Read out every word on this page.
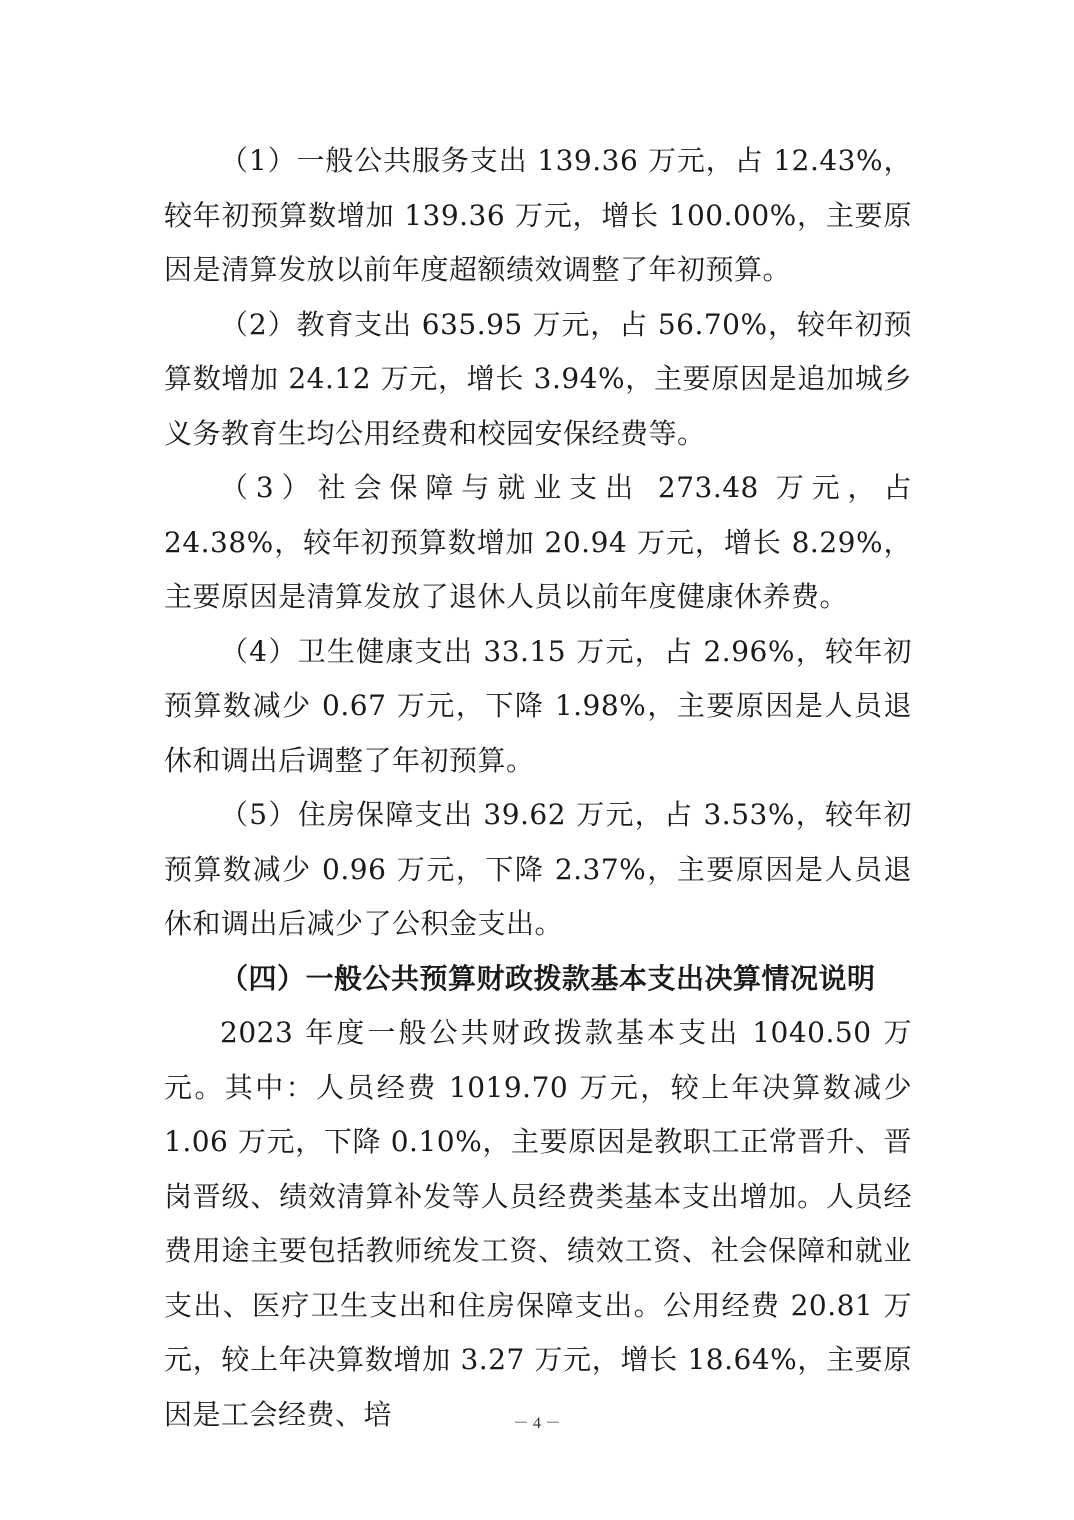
（1）一般公共服务支出 139.36 万元，占 12.43%，较年初预算数增加 139.36 万元，增长 100.00%，主要原因是清算发放以前年度超额绩效调整了年初预算。

（2）教育支出 635.95 万元，占 56.70%，较年初预算数增加 24.12 万元，增长 3.94%，主要原因是追加城乡义务教育生均公用经费和校园安保经费等。

（3）社会保障与就业支出 273.48 万元，占 24.38%，较年初预算数增加 20.94 万元，增长 8.29%，主要原因是清算发放了退休人员以前年度健康休养费。

（4）卫生健康支出 33.15 万元，占 2.96%，较年初预算数减少 0.67 万元，下降 1.98%，主要原因是人员退休和调出后调整了年初预算。

（5）住房保障支出 39.62 万元，占 3.53%，较年初预算数减少 0.96 万元，下降 2.37%，主要原因是人员退休和调出后减少了公积金支出。

（四）一般公共预算财政拨款基本支出决算情况说明

2023 年度一般公共财政拨款基本支出 1040.50 万元。其中：人员经费 1019.70 万元，较上年决算数减少 1.06 万元，下降 0.10%，主要原因是教职工正常晋升、晋岗晋级、绩效清算补发等人员经费类基本支出增加。人员经费用途主要包括教师统发工资、绩效工资、社会保障和就业支出、医疗卫生支出和住房保障支出。公用经费 20.81 万元，较上年决算数增加 3.27 万元，增长 18.64%，主要原因是工会经费、培	－ 4 －
